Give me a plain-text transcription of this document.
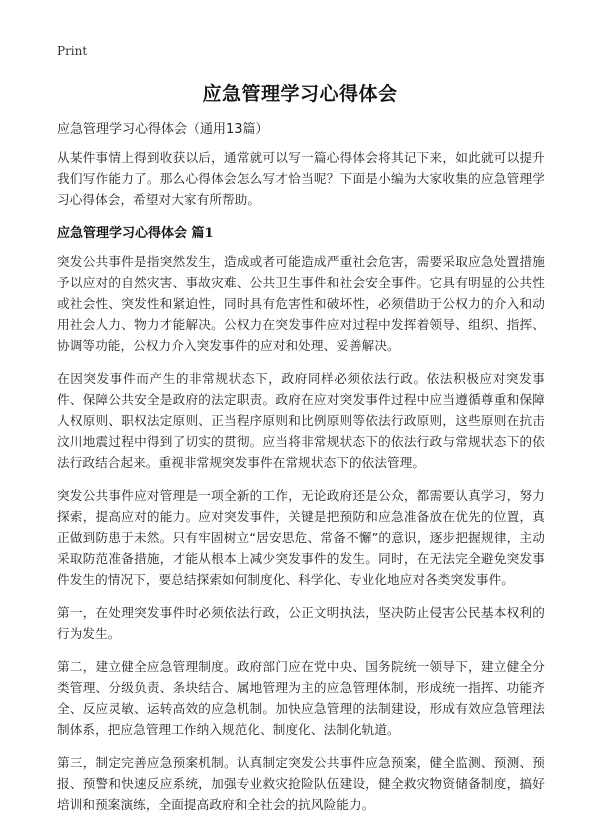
Print
应急管理学习心得体会
应急管理学习心得体会（通用13篇）

从某件事情上得到收获以后，通常就可以写一篇心得体会将其记下来，如此就可以提升我们写作能力了。那么心得体会怎么写才恰当呢？下面是小编为大家收集的应急管理学习心得体会，希望对大家有所帮助。

应急管理学习心得体会 篇1

突发公共事件是指突然发生，造成或者可能造成严重社会危害，需要采取应急处置措施予以应对的自然灾害、事故灾难、公共卫生事件和社会安全事件。它具有明显的公共性或社会性、突发性和紧迫性，同时具有危害性和破坏性，必须借助于公权力的介入和动用社会人力、物力才能解决。公权力在突发事件应对过程中发挥着领导、组织、指挥、协调等功能，公权力介入突发事件的应对和处理、妥善解决。

在因突发事件而产生的非常规状态下，政府同样必须依法行政。依法积极应对突发事件、保障公共安全是政府的法定职责。政府在应对突发事件过程中应当遵循尊重和保障人权原则、职权法定原则、正当程序原则和比例原则等依法行政原则，这些原则在抗击汶川地震过程中得到了切实的贯彻。应当将非常规状态下的依法行政与常规状态下的依法行政结合起来。重视非常规突发事件在常规状态下的依法管理。

突发公共事件应对管理是一项全新的工作，无论政府还是公众，都需要认真学习，努力探索，提高应对的能力。应对突发事件，关键是把预防和应急准备放在优先的位置，真正做到防患于未然。只有牢固树立“居安思危、常备不懈”的意识，逐步把握规律，主动采取防范准备措施，才能从根本上减少突发事件的发生。同时，在无法完全避免突发事件发生的情况下，要总结探索如何制度化、科学化、专业化地应对各类突发事件。

第一，在处理突发事件时必须依法行政，公正文明执法，坚决防止侵害公民基本权利的行为发生。

第二，建立健全应急管理制度。政府部门应在党中央、国务院统一领导下，建立健全分类管理、分级负责、条块结合、属地管理为主的应急管理体制，形成统一指挥、功能齐全、反应灵敏、运转高效的应急机制。加快应急管理的法制建设，形成有效应急管理法制体系，把应急管理工作纳入规范化、制度化、法制化轨道。

第三，制定完善应急预案机制。认真制定突发公共事件应急预案，健全监测、预测、预报、预警和快速反应系统，加强专业救灾抢险队伍建设，健全救灾物资储备制度，搞好培训和预案演练，全面提高政府和全社会的抗风险能力。
